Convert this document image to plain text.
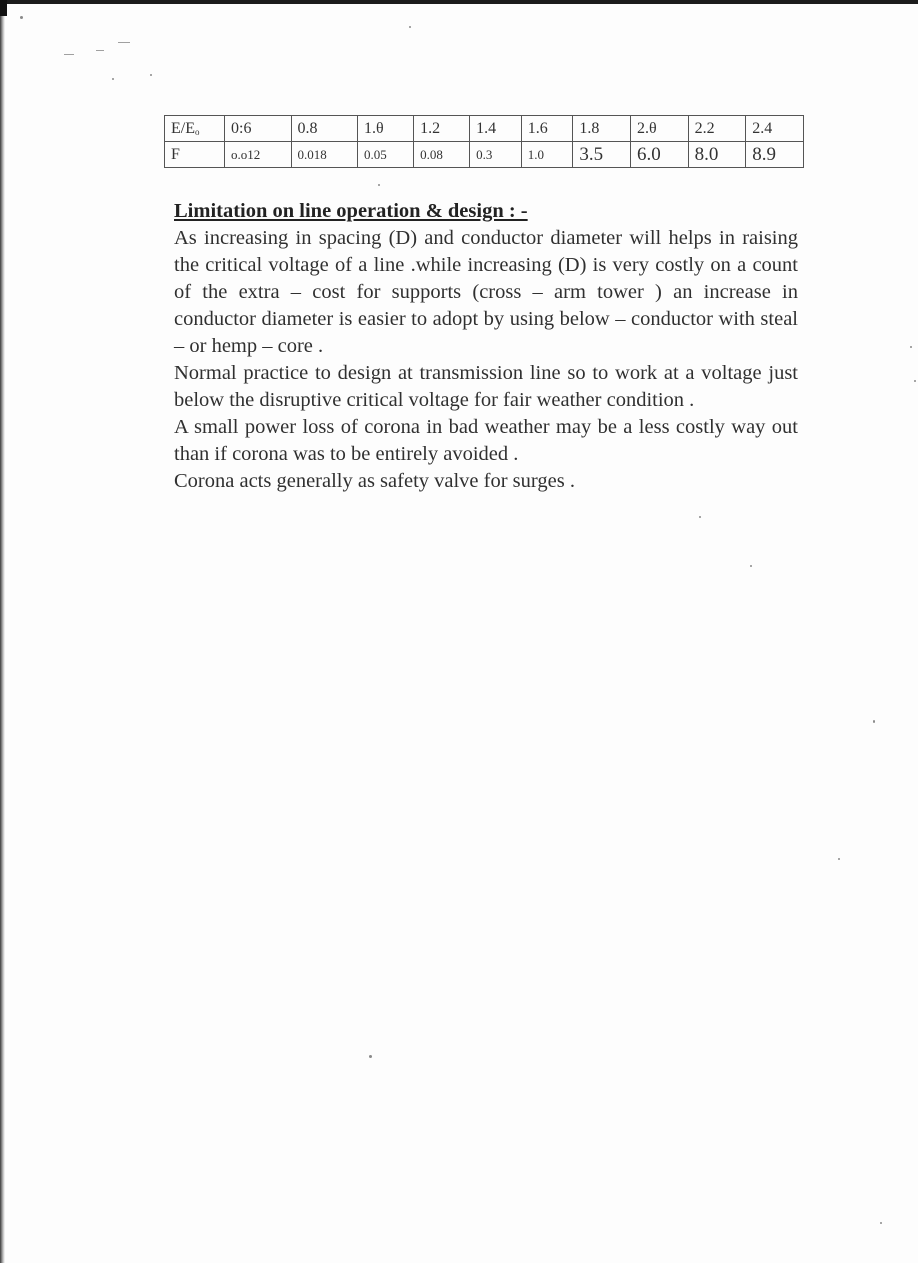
$E/E_o$	0:6	0.8	1.θ	1.2	1.4	1.6	1.8	2.θ	2.2	2.4
F	o.o12	0.018	0.05	0.08	0.3	1.0	3.5	6.0	8.0	8.9

Limitation on line operation & design : -

As increasing in spacing (D) and conductor diameter will helps in raising the critical voltage of a line .while increasing (D) is very costly on a count of the extra – cost for supports (cross – arm tower ) an increase in conductor diameter is easier to adopt by using below – conductor with steal – or hemp – core .

Normal practice to design at transmission line so to work at a voltage just below the disruptive critical voltage for fair weather condition .

A small power loss of corona in bad weather may be a less costly way out than if corona was to be entirely avoided .

Corona acts generally as safety valve for surges .
